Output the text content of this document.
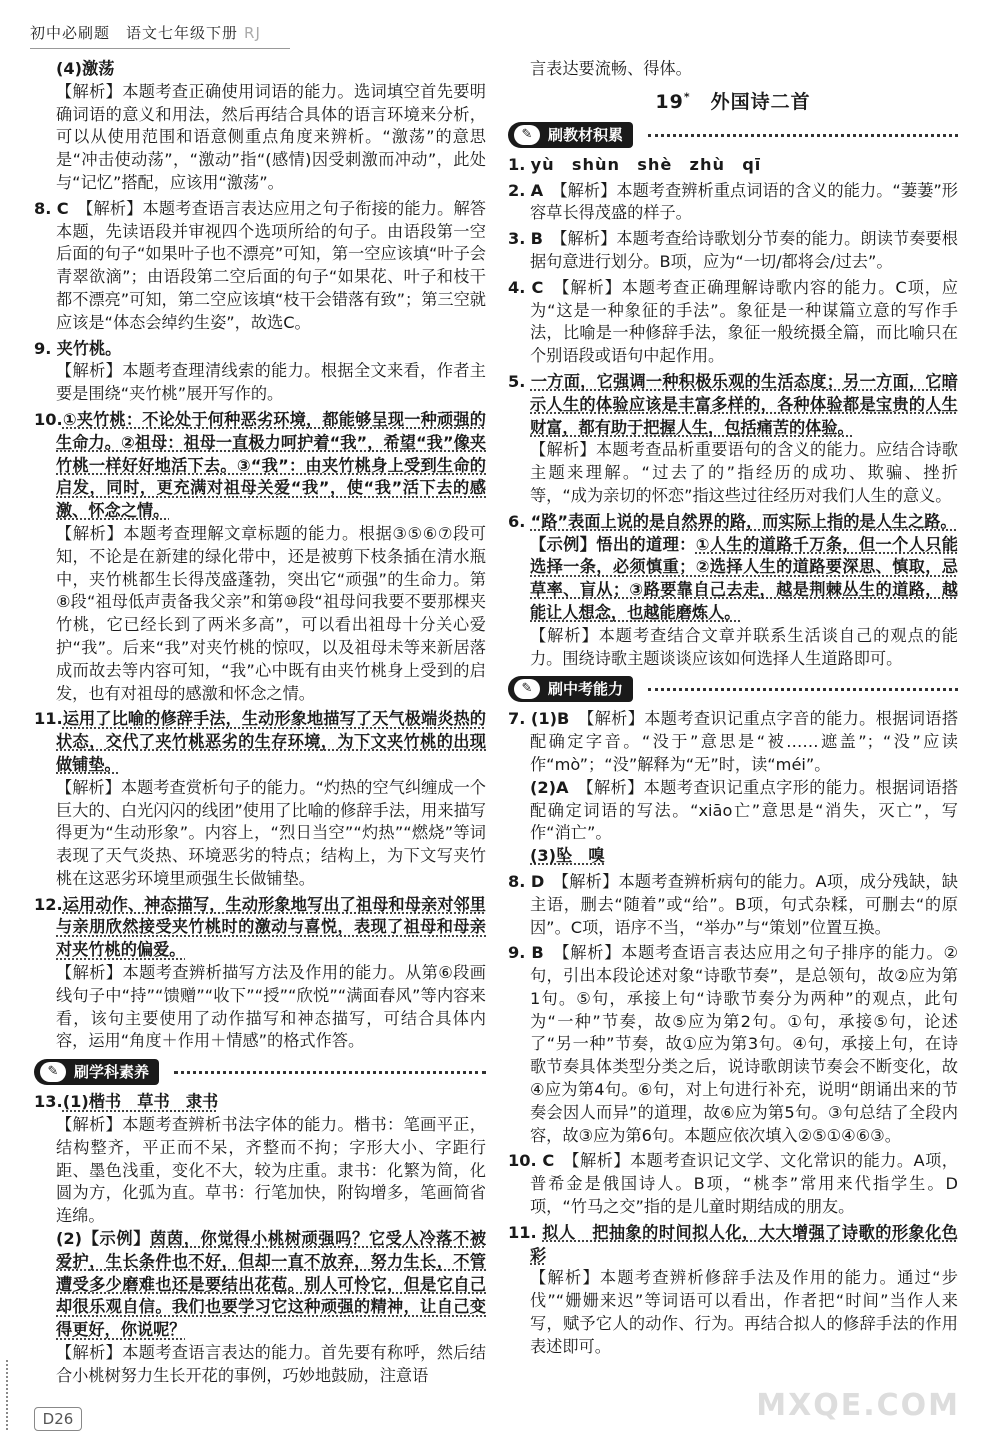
初中必刷题　语文七年级下册 RJ
(4)激荡
【解析】本题考查正确使用词语的能力。选词填空首先要明确词语的意义和用法，然后再结合具体的语言环境来分析，可以从使用范围和语意侧重点角度来辨析。“激荡”的意思是“冲击使动荡”，“激动”指“(感情)因受刺激而冲动”，此处与“记忆”搭配，应该用“激荡”。
8. C　 【解析】本题考查语言表达应用之句子衔接的能力。解答本题，先读语段并审视四个选项所给的句子。由语段第一空后面的句子“如果叶子也不漂亮”可知，第一空应该填“叶子会青翠欲滴”；由语段第二空后面的句子“如果花、叶子和枝干都不漂亮”可知，第二空应该填“枝干会错落有致”；第三空就应该是“体态会绰约生姿”，故选C。
9. 夹竹桃。
【解析】本题考查理清线索的能力。根据全文来看，作者主要是围绕“夹竹桃”展开写作的。
10.①夹竹桃：不论处于何种恶劣环境，都能够呈现一种顽强的生命力。②祖母：祖母一直极力呵护着“我”，希望“我”像夹竹桃一样好好地活下去。③“我”：由夹竹桃身上受到生命的启发，同时，更充满对祖母关爱“我”，使“我”活下去的感激、怀念之情。
【解析】本题考查理解文章标题的能力。根据③⑤⑥⑦段可知，不论是在新建的绿化带中，还是被剪下枝条插在清水瓶中，夹竹桃都生长得茂盛蓬勃，突出它“顽强”的生命力。第⑧段“祖母低声责备我父亲”和第⑩段“祖母问我要不要那棵夹竹桃，它已经长到了两米多高”，可以看出祖母十分关心爱护“我”。后来“我”对夹竹桃的惊叹，以及祖母未等来新居落成而故去等内容可知，“我”心中既有由夹竹桃身上受到的启发，也有对祖母的感激和怀念之情。
11.运用了比喻的修辞手法，生动形象地描写了天气极端炎热的状态，交代了夹竹桃恶劣的生存环境，为下文夹竹桃的出现做铺垫。
【解析】本题考查赏析句子的能力。“灼热的空气纠缠成一个巨大的、白光闪闪的线团”使用了比喻的修辞手法，用来描写得更为“生动形象”。内容上，“烈日当空”“灼热”“燃烧”等词表现了天气炎热、环境恶劣的特点；结构上，为下文写夹竹桃在这恶劣环境里顽强生长做铺垫。
12.运用动作、神态描写，生动形象地写出了祖母和母亲对邻里与亲朋欣然接受夹竹桃时的激动与喜悦，表现了祖母和母亲对夹竹桃的偏爱。
【解析】本题考查辨析描写方法及作用的能力。从第⑥段画线句子中“持”“馈赠”“收下”“授”“欣悦”“满面春风”等内容来看，该句主要使用了动作描写和神态描写，可结合具体内容，运用“角度＋作用＋情感”的格式作答。
✎	刷学科素养
13.(1)楷书　草书　隶书
【解析】本题考查辨析书法字体的能力。楷书：笔画平正，结构整齐，平正而不呆，齐整而不拘；字形大小、字距行距、墨色浅重，变化不大，较为庄重。隶书：化繁为简，化圆为方，化弧为直。草书：行笔加快，附钩增多，笔画简省连绵。
(2)【示例】茵茵，你觉得小桃树顽强吗？它受人冷落不被爱护，生长条件也不好，但却一直不放弃，努力生长，不管遭受多少磨难也还是要结出花苞。别人可怜它，但是它自己却很乐观自信。我们也要学习它这种顽强的精神，让自己变得更好，你说呢？
【解析】本题考查语言表达的能力。首先要有称呼，然后结合小桃树努力生长开花的事例，巧妙地鼓励，注意语
言表达要流畅、得体。
19*　 外国诗二首
✎	刷教材积累
1. yù　shùn　shè　zhù　qī
2. A　 【解析】本题考查辨析重点词语的含义的能力。“萋萋”形容草长得茂盛的样子。
3. B　 【解析】本题考查给诗歌划分节奏的能力。朗读节奏要根据句意进行划分。B项，应为“一切/都将会/过去”。
4. C　 【解析】本题考查正确理解诗歌内容的能力。C项，应为“这是一种象征的手法”。象征是一种谋篇立意的写作手法，比喻是一种修辞手法，象征一般统摄全篇，而比喻只在个别语段或语句中起作用。
5. 一方面，它强调一种积极乐观的生活态度；另一方面，它暗示人生的体验应该是丰富多样的，各种体验都是宝贵的人生财富，都有助于把握人生，包括痛苦的体验。
【解析】本题考查品析重要语句的含义的能力。应结合诗歌主题来理解。“过去了的”指经历的成功、欺骗、挫折等，“成为亲切的怀恋”指这些过往经历对我们人生的意义。
6. “路”表面上说的是自然界的路，而实际上指的是人生之路。
【示例】悟出的道理：①人生的道路千万条，但一个人只能选择一条，必须慎重；②选择人生的道路要深思、慎取，忌草率、盲从；③路要靠自己去走，越是荆棘丛生的道路，越能让人想念，也越能磨炼人。
【解析】本题考查结合文章并联系生活谈自己的观点的能力。围绕诗歌主题谈谈应该如何选择人生道路即可。
✎	刷中考能力
7. (1)B　 【解析】本题考查识记重点字音的能力。根据词语搭配确定字音。“没于”意思是“被……遮盖”；“没”应读作“mò”；“没”解释为“无”时，读“méi”。
(2)A　 【解析】本题考查识记重点字形的能力。根据词语搭配确定词语的写法。“xiāo亡”意思是“消失，灭亡”，写作“消亡”。
(3)坠　嗅
8. D　 【解析】本题考查辨析病句的能力。A项，成分残缺，缺主语，删去“随着”或“给”。B项，句式杂糅，可删去“的原因”。C项，语序不当，“举办”与“策划”位置互换。
9. B　 【解析】本题考查语言表达应用之句子排序的能力。②句，引出本段论述对象“诗歌节奏”，是总领句，故②应为第1句。⑤句，承接上句“诗歌节奏分为两种”的观点，此句为“一种”节奏，故⑤应为第2句。①句，承接⑤句，论述了“另一种”节奏，故①应为第3句。④句，承接上句，在诗歌节奏具体类型分类之后，说诗歌朗读节奏会不断变化，故④应为第4句。⑥句，对上句进行补充，说明“朗诵出来的节奏会因人而异”的道理，故⑥应为第5句。③句总结了全段内容，故③应为第6句。本题应依次填入②⑤①④⑥③。
10. C　 【解析】本题考查识记文学、文化常识的能力。A项，普希金是俄国诗人。B项，“桃李”常用来代指学生。D项，“竹马之交”指的是儿童时期结成的朋友。
11. 拟人　把抽象的时间拟人化，大大增强了诗歌的形象化色彩
【解析】本题考查辨析修辞手法及作用的能力。通过“步伐”“姗姗来迟”等词语可以看出，作者把“时间”当作人来写，赋予它人的动作、行为。再结合拟人的修辞手法的作用表述即可。
D26	MXQE.COM
